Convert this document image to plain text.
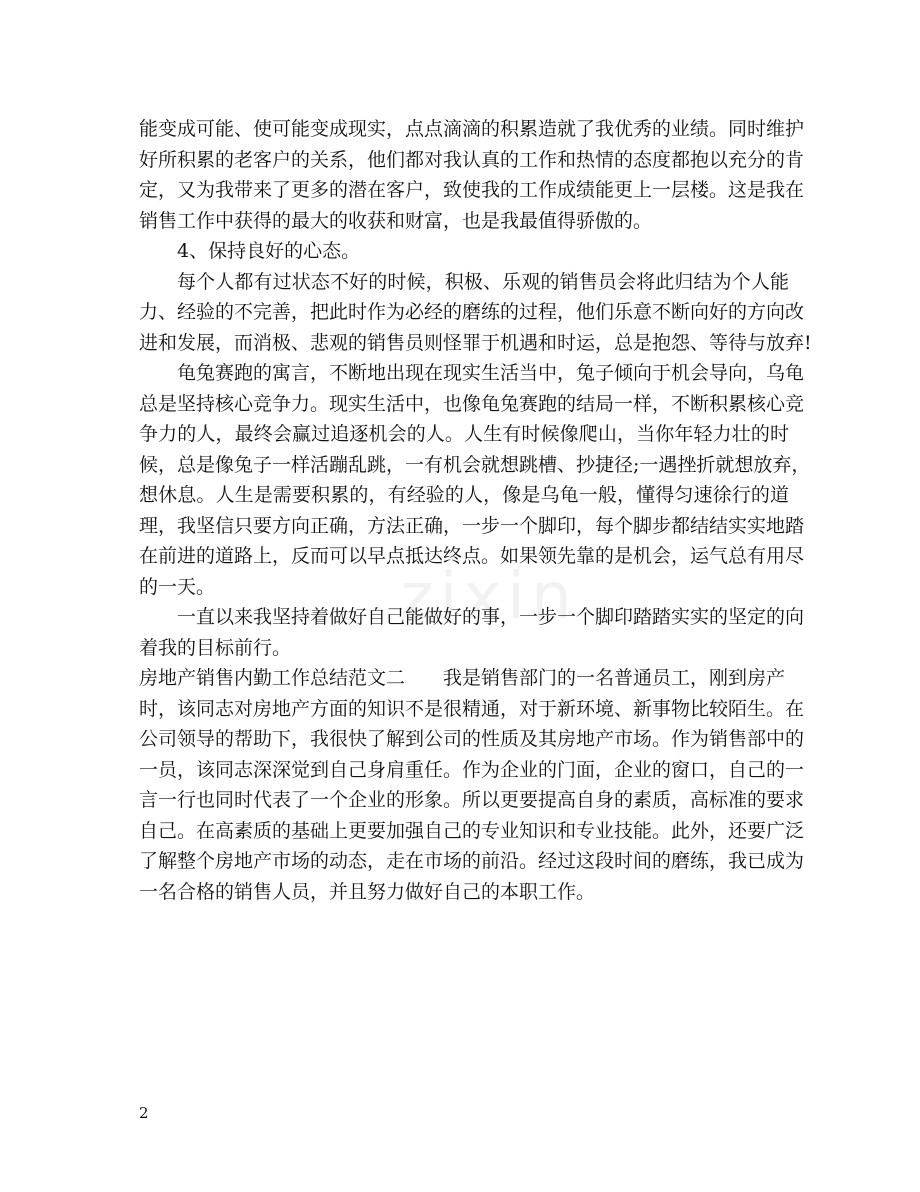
zixin
能变成可能、使可能变成现实，点点滴滴的积累造就了我优秀的业绩。同时维护
好所积累的老客户的关系，他们都对我认真的工作和热情的态度都抱以充分的肯
定，又为我带来了更多的潜在客户，致使我的工作成绩能更上一层楼。这是我在
销售工作中获得的最大的收获和财富，也是我最值得骄傲的。
4、保持良好的心态。
每个人都有过状态不好的时候，积极、乐观的销售员会将此归结为个人能
力、经验的不完善，把此时作为必经的磨练的过程，他们乐意不断向好的方向改
进和发展，而消极、悲观的销售员则怪罪于机遇和时运，总是抱怨、等待与放弃!
龟兔赛跑的寓言，不断地出现在现实生活当中，兔子倾向于机会导向，乌龟
总是坚持核心竞争力。现实生活中，也像龟兔赛跑的结局一样，不断积累核心竞
争力的人，最终会赢过追逐机会的人。人生有时候像爬山，当你年轻力壮的时
候，总是像兔子一样活蹦乱跳，一有机会就想跳槽、抄捷径;一遇挫折就想放弃，
想休息。人生是需要积累的，有经验的人，像是乌龟一般，懂得匀速徐行的道
理，我坚信只要方向正确，方法正确，一步一个脚印，每个脚步都结结实实地踏
在前进的道路上，反而可以早点抵达终点。如果领先靠的是机会，运气总有用尽
的一天。
一直以来我坚持着做好自己能做好的事，一步一个脚印踏踏实实的坚定的向
着我的目标前行。
房地产销售内勤工作总结范文二 我是销售部门的一名普通员工，刚到房产
时，该同志对房地产方面的知识不是很精通，对于新环境、新事物比较陌生。在
公司领导的帮助下，我很快了解到公司的性质及其房地产市场。作为销售部中的
一员，该同志深深觉到自己身肩重任。作为企业的门面，企业的窗口，自己的一
言一行也同时代表了一个企业的形象。所以更要提高自身的素质，高标准的要求
自己。在高素质的基础上更要加强自己的专业知识和专业技能。此外，还要广泛
了解整个房地产市场的动态，走在市场的前沿。经过这段时间的磨练，我已成为
一名合格的销售人员，并且努力做好自己的本职工作。
2
